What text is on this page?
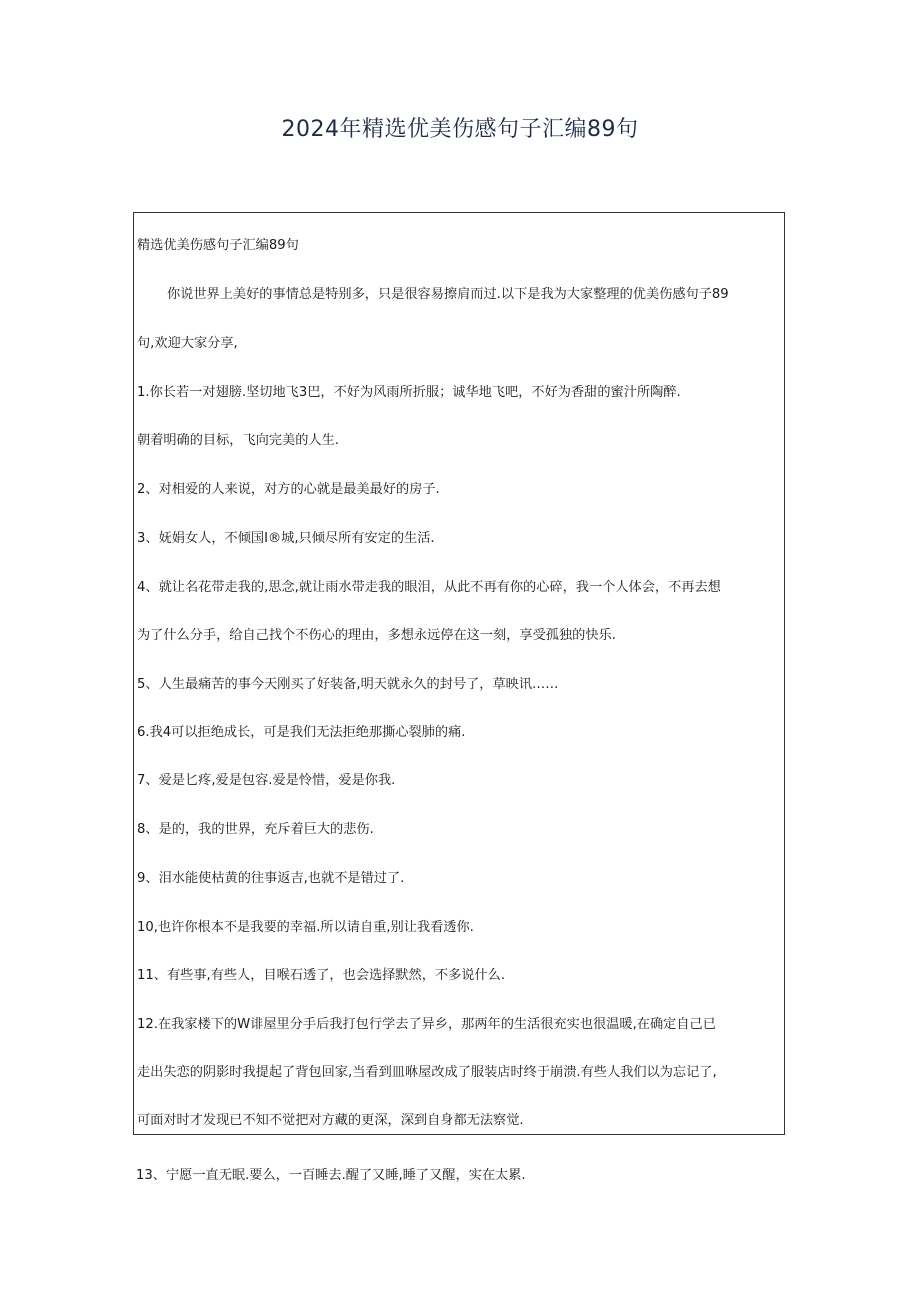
2024年精选优美伤感句子汇编89句
精选优美伤感句子汇编89句
你说世界上美好的事情总是特别多，只是很容易擦肩而过.以下是我为大家整理的优美伤感句子89
句,欢迎大家分享,
1.你长若一对翅膀.坚切地飞3巴，不好为风雨所折服；诚华地飞吧，不好为香甜的蜜汁所陶醉.
朝着明确的目标，飞向完美的人生.
2、对相爱的人来说，对方的心就是最美最好的房子.
3、妩娟女人，不倾国I®城,只倾尽所有安定的生活.
4、就让名花带走我的,思念,就让雨水带走我的眼泪，从此不再有你的心碎，我一个人体会，不再去想
为了什么分手，给自己找个不伤心的理由，多想永远停在这一刻，享受孤独的快乐.
5、人生最痛苦的事今天刚买了好装备,明天就永久的封号了，草映讯……
6.我4可以拒绝成长，可是我们无法拒绝那撕心裂肺的痛.
7、爱是匕疼,爱是包容.爱是怜惜，爱是你我.
8、是的，我的世界，充斥着巨大的悲伤.
9、泪水能使枯黄的往事返吉,也就不是错过了.
10,也许你根本不是我要的幸福.所以请自重,别让我看透你.
11、有些事,有些人，目喉石透了，也会选择默然，不多说什么.
12.在我家楼下的W诽屋里分手后我打包行学去了异乡，那两年的生活很充实也很温暖,在确定自己已
走出失恋的阴影时我提起了背包回家,当看到皿咻屋改成了服装店时终于崩溃.有些人我们以为忘记了,
可面对时才发现已不知不觉把对方藏的更深，深到自身都无法察觉.
13、宁愿一直无眠.要么，一百睡去.醒了又睡,睡了又醒，实在太累.
